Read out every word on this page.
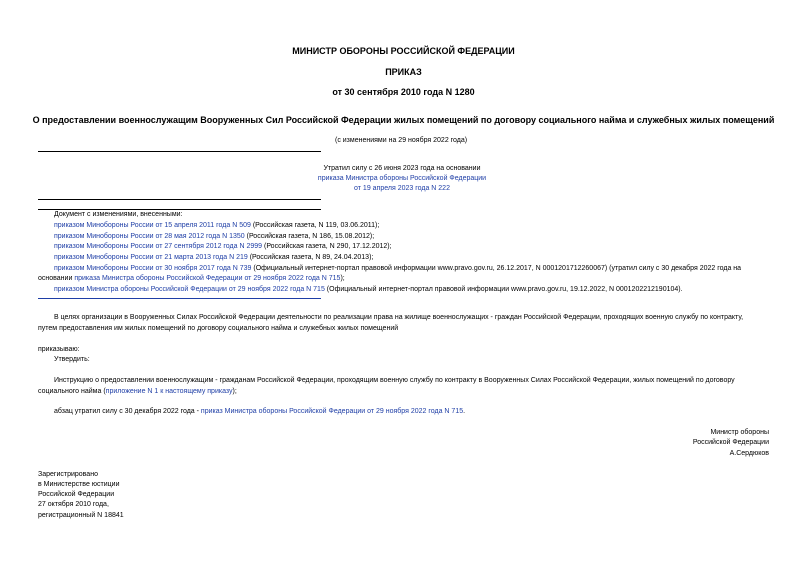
МИНИСТР ОБОРОНЫ РОССИЙСКОЙ ФЕДЕРАЦИИ
ПРИКАЗ
от 30 сентября 2010 года N 1280
О предоставлении военнослужащим Вооруженных Сил Российской Федерации жилых помещений по договору социального найма и служебных жилых помещений
(с изменениями на 29 ноября 2022 года)
Утратил силу с 26 июня 2023 года на основании
приказа Министра обороны Российской Федерации
от 19 апреля 2023 года N 222
Документ с изменениями, внесенными:
приказом Минобороны России от 15 апреля 2011 года N 509 (Российская газета, N 119, 03.06.2011);
приказом Минобороны России от 28 мая 2012 года N 1350 (Российская газета, N 186, 15.08.2012);
приказом Минобороны России от 27 сентября 2012 года N 2999 (Российская газета, N 290, 17.12.2012);
приказом Минобороны России от 21 марта 2013 года N 219 (Российская газета, N 89, 24.04.2013);
приказом Минобороны России от 30 ноября 2017 года N 739 (Официальный интернет-портал правовой информации www.pravo.gov.ru, 26.12.2017, N 0001201712260067) (утратил силу с 30 декабря 2022 года на
основании приказа Министра обороны Российской Федерации от 29 ноября 2022 года N 715);
приказом Министра обороны Российской Федерации от 29 ноября 2022 года N 715 (Официальный интернет-портал правовой информации www.pravo.gov.ru, 19.12.2022, N 0001202212190104).
В целях организации в Вооруженных Силах Российской Федерации деятельности по реализации права на жилище военнослужащих - граждан Российской Федерации, проходящих военную службу по контракту,
путем предоставления им жилых помещений по договору социального найма и служебных жилых помещений
приказываю:
Утвердить:
Инструкцию о предоставлении военнослужащим - гражданам Российской Федерации, проходящим военную службу по контракту в Вооруженных Силах Российской Федерации, жилых помещений по договору
социального найма (приложение N 1 к настоящему приказу);
абзац утратил силу с 30 декабря 2022 года - приказ Министра обороны Российской Федерации от 29 ноября 2022 года N 715.
Министр обороны
Российской Федерации
А.Сердюков
Зарегистрировано
в Министерстве юстиции
Российской Федерации
27 октября 2010 года,
регистрационный N 18841
